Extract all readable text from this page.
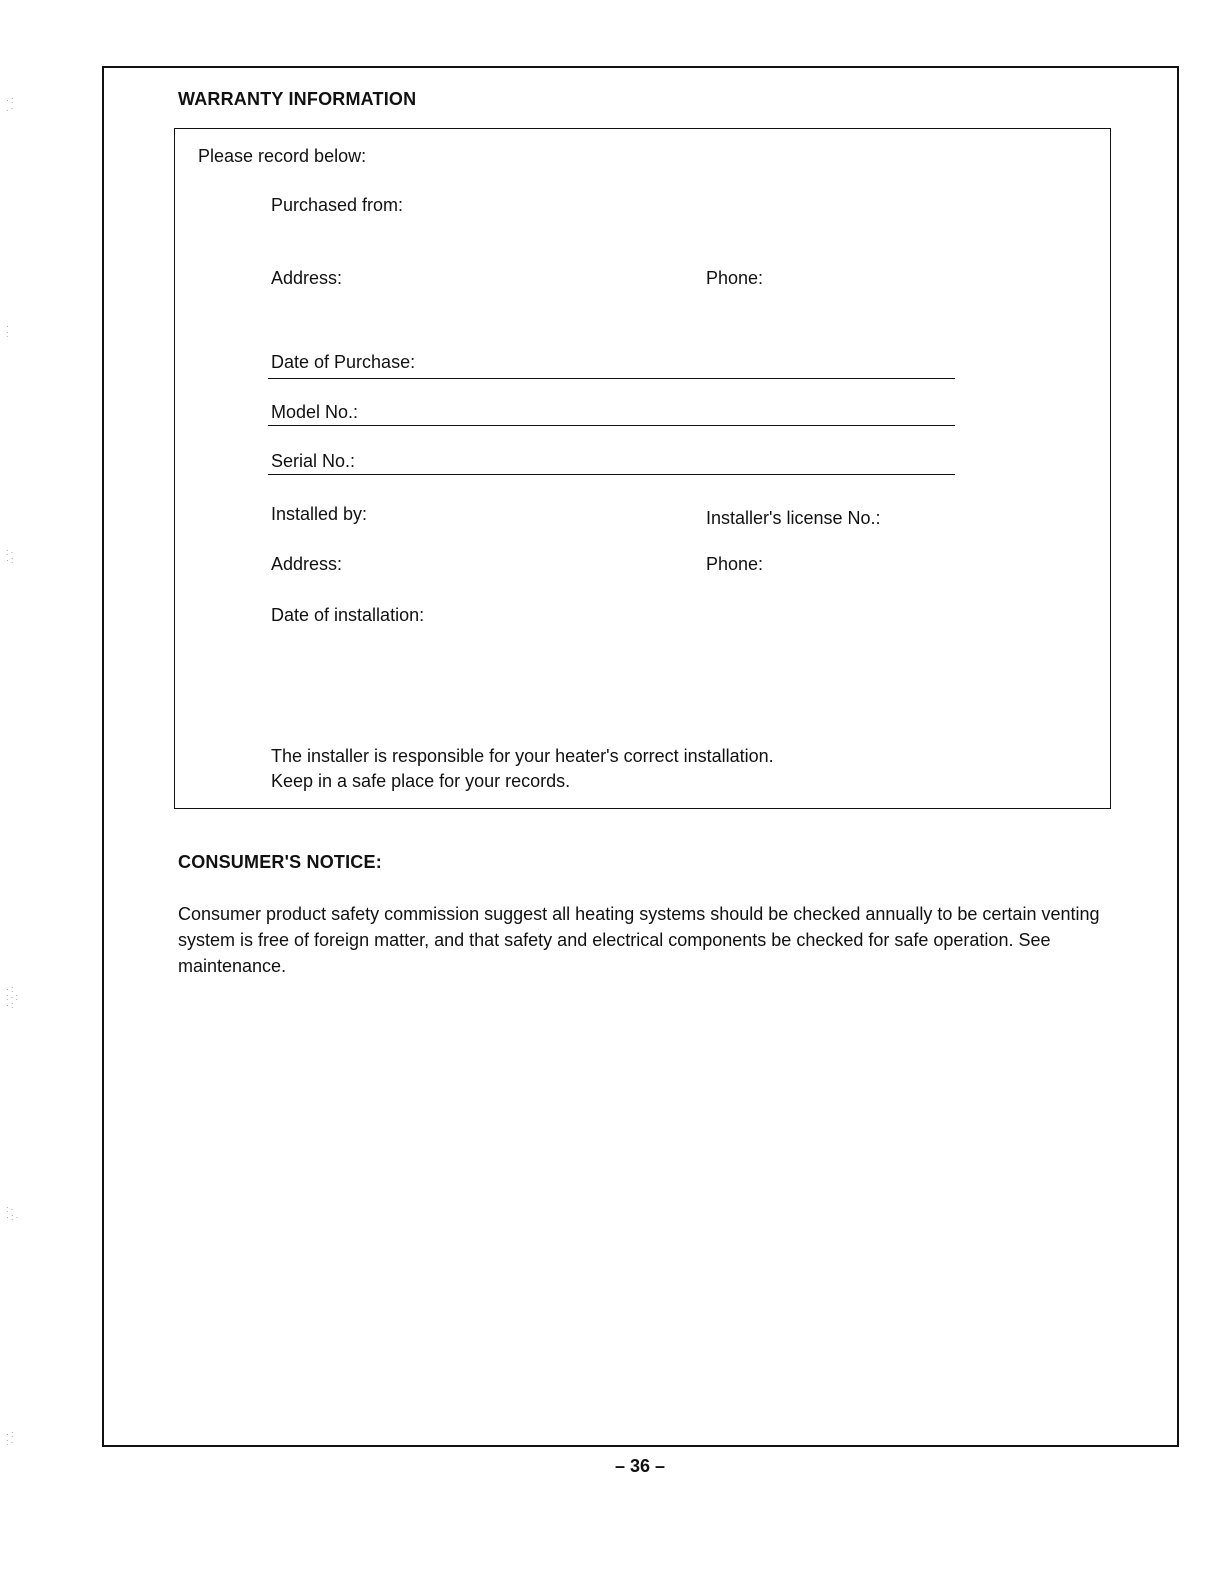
WARRANTY INFORMATION
Please record below:
Purchased from:
Address:	Phone:
Date of Purchase:
Model No.:
Serial No.:
Installed by:	Installer's license No.:
Address:	Phone:
Date of installation:
The installer is responsible for your heater's correct installation.
Keep in a safe place for your records.
CONSUMER'S NOTICE:
Consumer product safety commission suggest all heating systems should be checked annually to be certain venting system is free of foreign matter, and that safety and electrical components be checked for safe operation. See maintenance.
– 36 –
·:
.·
·
:
:·
·:
·:
:·:
·:
:·
·:·
·:
:·
